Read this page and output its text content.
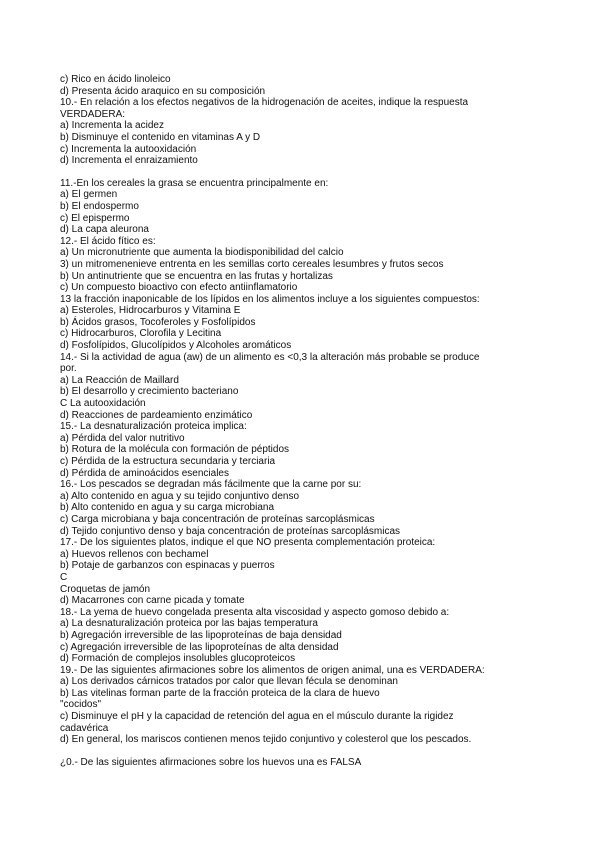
c) Rico en ácido linoleico
d) Presenta ácido araquico en su composición
10.- En relación a los efectos negativos de la hidrogenación de aceites, indique la respuesta
VERDADERA:
a) Incrementa la acidez
b) Disminuye el contenido en vitaminas A y D
c) Incrementa la autooxidación
d) Incrementa el enraizamiento
11.-En los cereales la grasa se encuentra principalmente en:
a) El germen
b) El endospermo
c) El epispermo
d) La capa aleurona
12.- El ácido fítico es:
a) Un micronutriente que aumenta la biodisponibilidad del calcio
3) un mitromenenieve entrenta en les semillas corto cereales lesumbres y frutos secos
b) Un antinutriente que se encuentra en las frutas y hortalizas
c) Un compuesto bioactivo con efecto antiinflamatorio
13 la fracción inaponicable de los lípidos en los alimentos incluye a los siguientes compuestos:
a) Esteroles, Hidrocarburos y Vitamina E
b) Ácidos grasos, Tocoferoles y Fosfolípidos
c) Hidrocarburos, Clorofila y Lecitina
d) Fosfolípidos, Glucolípidos y Alcoholes aromáticos
14.- Si la actividad de agua (aw) de un alimento es <0,3 la alteración más probable se produce
por.
a) La Reacción de Maillard
b) El desarrollo y crecimiento bacteriano
C La autooxidación
d) Reacciones de pardeamiento enzimático
15.- La desnaturalización proteica implica:
a) Pérdida del valor nutritivo
b) Rotura de la molécula con formación de péptidos
c) Pérdida de la estructura secundaria y terciaria
d) Pérdida de aminoácidos esenciales
16.- Los pescados se degradan más fácilmente que la carne por su:
a) Alto contenido en agua y su tejido conjuntivo denso
b) Alto contenido en agua y su carga microbiana
c) Carga microbiana y baja concentración de proteínas sarcoplásmicas
d) Tejido conjuntivo denso y baja concentración de proteínas sarcoplásmicas
17.- De los siguientes platos, indique el que NO presenta complementación proteica:
a) Huevos rellenos con bechamel
b) Potaje de garbanzos con espinacas y puerros
C
Croquetas de jamón
d) Macarrones con carne picada y tomate
18.- La yema de huevo congelada presenta alta viscosidad y aspecto gomoso debido a:
a) La desnaturalización proteica por las bajas temperatura
b) Agregación irreversible de las lipoproteínas de baja densidad
c) Agregación irreversible de las lipoproteínas de alta densidad
d) Formación de complejos insolubles glucoproteicos
19.- De las siguientes afirmaciones sobre los alimentos de origen animal, una es VERDADERA:
a) Los derivados cárnicos tratados por calor que llevan fécula se denominan
b) Las vitelinas forman parte de la fracción proteica de la clara de huevo
"cocidos"
c) Disminuye el pH y la capacidad de retención del agua en el músculo durante la rigidez
cadavérica
d) En general, los mariscos contienen menos tejido conjuntivo y colesterol que los pescados.
¿0.- De las siguientes afirmaciones sobre los huevos una es FALSA
